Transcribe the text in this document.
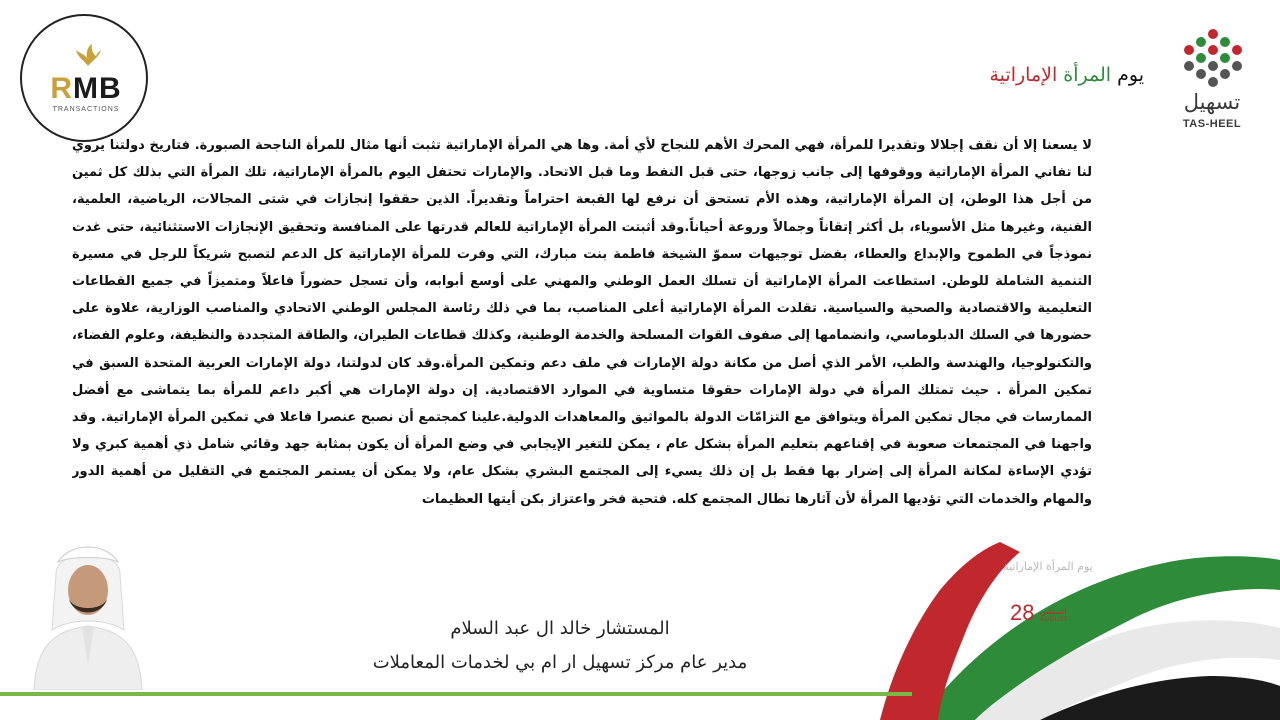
RMB
TRANSACTIONS	تسهيل
TAS-HEEL
يوم المرأة الإماراتية

لا يسعنا إلا أن نقف إجلالا وتقديرا للمرأة، فهي المحرك الأهم للنجاح لأي أمة. وها هي المرأة الإماراتية تثبت أنها مثال للمرأة الناجحة الصبورة. فتاريخ دولتنا يروي لنا تفاني المرأة الإماراتية ووقوفها إلى جانب زوجها، حتى قبل النفط وما قبل الاتحاد. والإمارات تحتفل اليوم بالمرأة الإماراتية، تلك المرأة التي بذلك كل ثمين من أجل هذا الوطن، إن المرأة الإماراتية، وهذه الأم تستحق أن نرفع لها القبعة احتراماً وتقديراً. الذين حققوا إنجازات في شتى المجالات، الرياضية، العلمية، الفنية، وغيرها مثل الأسوياء، بل أكثر إتقاناً وجمالاً وروعة أحياناً.وقد أثبتت المرأة الإماراتية للعالم قدرتها على المنافسة وتحقيق الإنجازات الاستثنائية، حتى غدت نموذجاً في الطموح والإبداع والعطاء، بفضل توجيهات سموّ الشيخة فاطمة بنت مبارك، التي وفرت للمرأة الإماراتية كل الدعم لتصبح شريكاً للرجل في مسيرة التنمية الشاملة للوطن. استطاعت المرأة الإماراتية أن تسلك العمل الوطني والمهني على أوسع أبوابه، وأن تسجل حضوراً فاعلاً ومتميزاً في جميع القطاعات التعليمية والاقتصادية والصحية والسياسية. تقلدت المرأة الإماراتية أعلى المناصب، بما في ذلك رئاسة المجلس الوطني الاتحادي والمناصب الوزارية، علاوة على حضورها في السلك الدبلوماسي، وانضمامها إلى صفوف القوات المسلحة والخدمة الوطنية، وكذلك قطاعات الطيران، والطاقة المتجددة والنظيفة، وعلوم الفضاء، والتكنولوجيا، والهندسة والطب، الأمر الذي أصل من مكانة دولة الإمارات في ملف دعم وتمكين المرأة.وقد كان لدولتنا، دولة الإمارات العربية المتحدة السبق في تمكين المرأة . حيث تمتلك المرأة في دولة الإمارات حقوقا متساوية في الموارد الاقتصادية. إن دولة الإمارات هي أكبر داعم للمرأة بما يتماشى مع أفضل الممارسات في مجال تمكين المرأة ويتوافق مع التزامّات الدولة بالمواثيق والمعاهدات الدولية.علينا كمجتمع أن نصبح عنصرا فاعلا في تمكين المرأة الإماراتية. وقد واجهنا في المجتمعات صعوبة في إقناعهم بتعليم المرأة بشكل عام ، يمكن للتغير الإيجابي في وضع المرأة أن يكون بمثابة جهد وقائي شامل ذي أهمية كبري ولا تؤدي الإساءة لمكانة المرأة إلى إضرار بها فقط بل إن ذلك يسيء إلى المجتمع البشري بشكل عام، ولا يمكن أن يستمر المجتمع في التقليل من أهمية الدور والمهام والخدمات التي تؤديها المرأة لأن آثارها تطال المجتمع كله. فتحية فخر واعتزاز بكن أيتها العظيمات

يوم المرأة الإماراتية
28 أغسطس
AUGUST
المستشار خالد ال عبد السلام
مدير عام مركز تسهيل ار ام بي لخدمات المعاملات
